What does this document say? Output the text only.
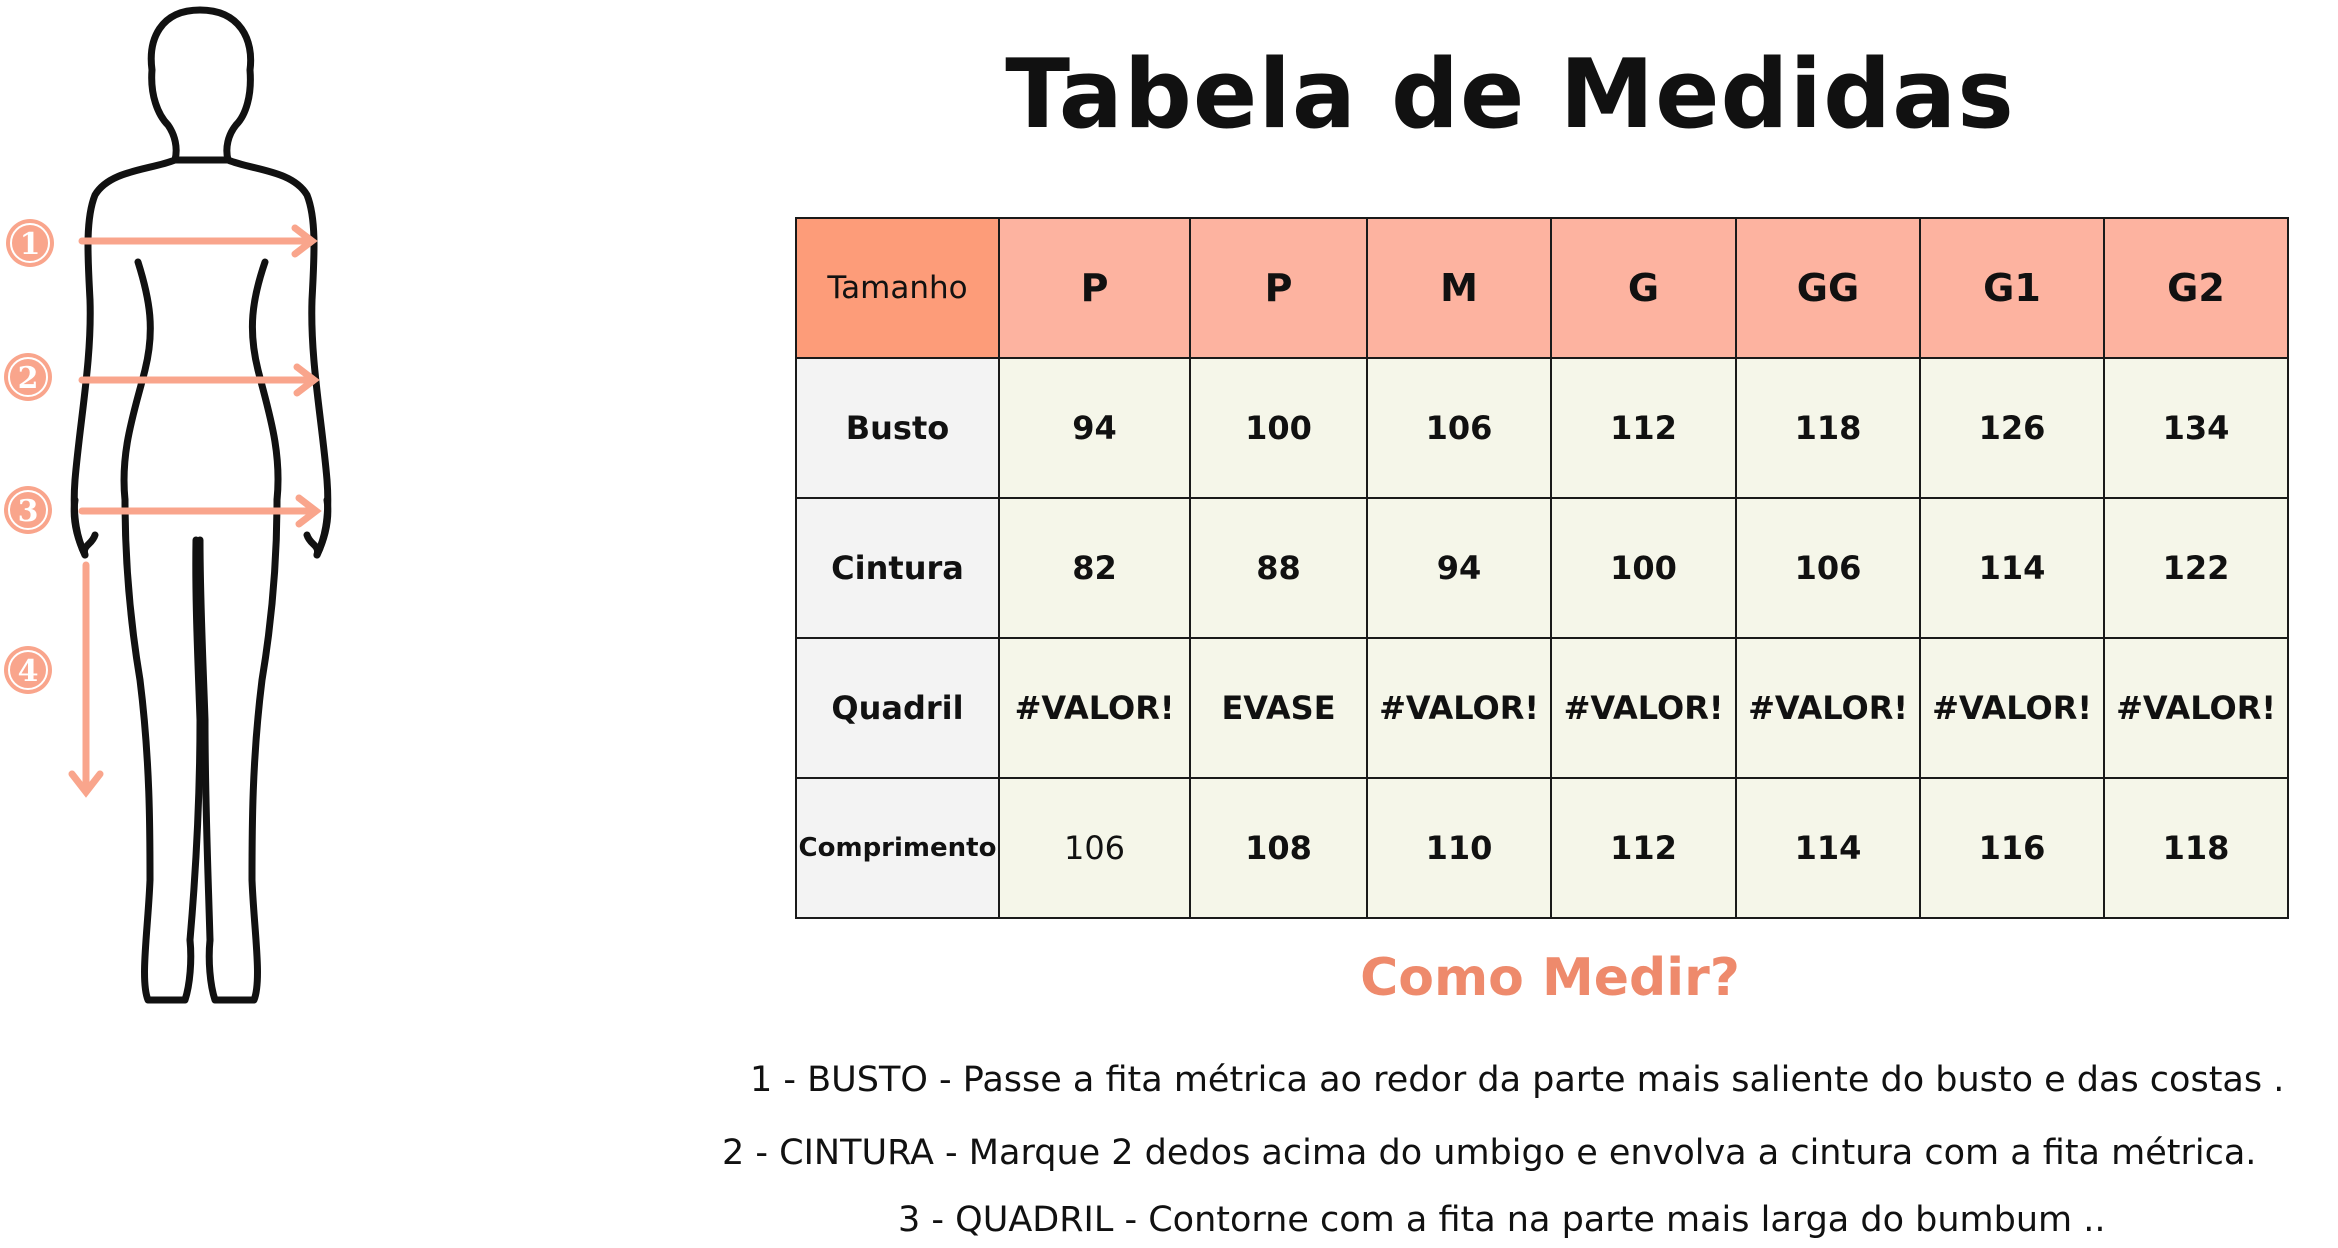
1
2
3
4
Tabela de Medidas
Tamanho	P	P	M	G	GG	G1	G2
Busto	94	100	106	112	118	126	134
Cintura	82	88	94	100	106	114	122
Quadril	#VALOR!	EVASE	#VALOR!	#VALOR!	#VALOR!	#VALOR!	#VALOR!
Comprimento	106	108	110	112	114	116	118
Como Medir?
1 - BUSTO - Passe a fita métrica ao redor da parte mais saliente do busto e das costas .
2 - CINTURA - Marque 2 dedos acima do umbigo e envolva a cintura com a fita métrica.
3 - QUADRIL - Contorne com a fita na parte mais larga do bumbum ..
